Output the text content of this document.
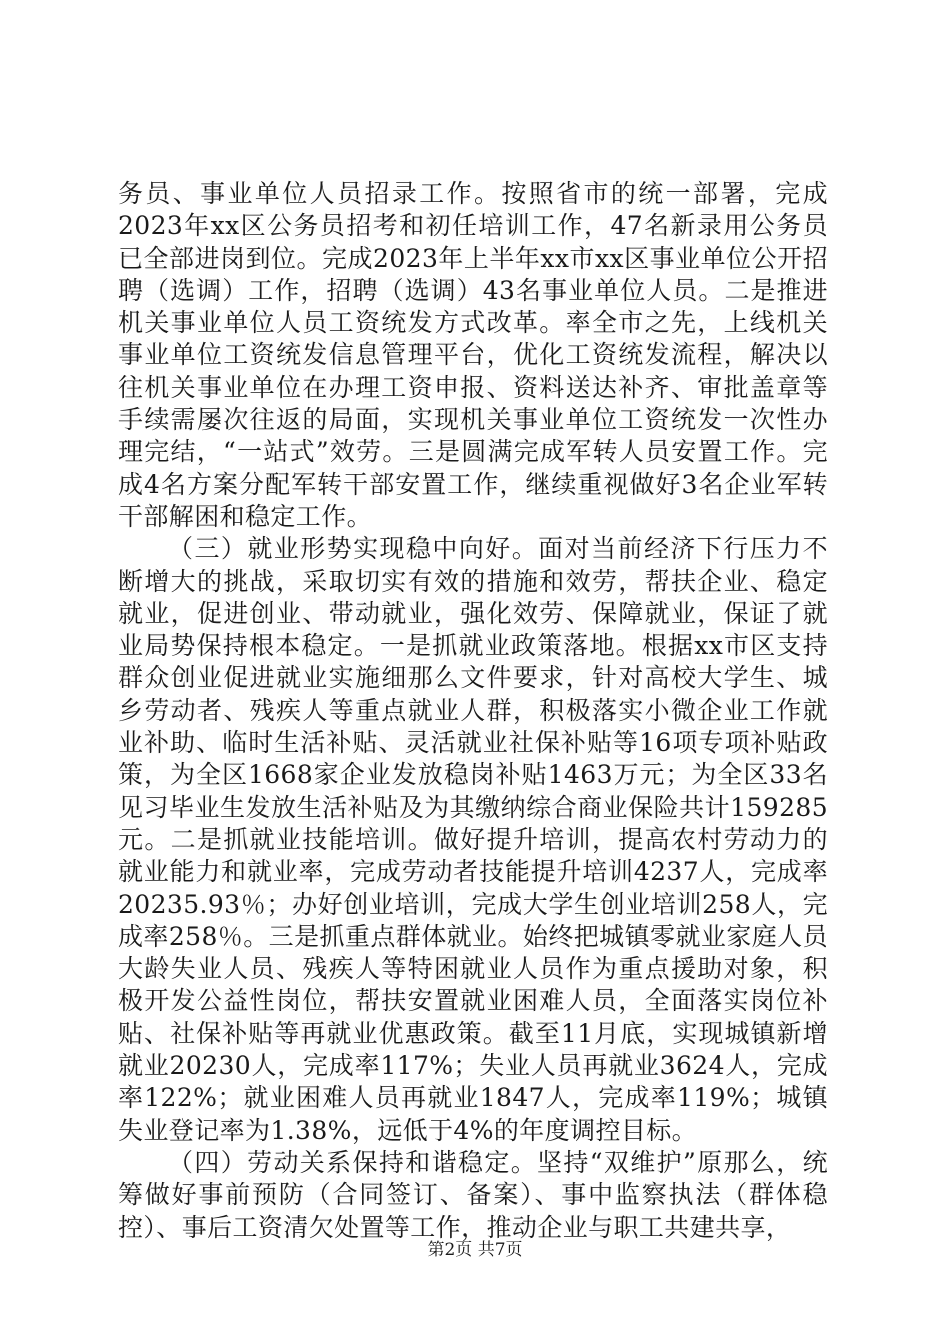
务员、事业单位人员招录工作。按照省市的统一部署，完成2023年xx区公务员招考和初任培训工作，47名新录用公务员已全部进岗到位。完成2023年上半年xx市xx区事业单位公开招聘（选调）工作，招聘（选调）43名事业单位人员。二是推进机关事业单位人员工资统发方式改革。率全市之先，上线机关事业单位工资统发信息管理平台，优化工资统发流程，解决以往机关事业单位在办理工资申报、资料送达补齐、审批盖章等手续需屡次往返的局面，实现机关事业单位工资统发一次性办理完结，“一站式”效劳。三是圆满完成军转人员安置工作。完成4名方案分配军转干部安置工作，继续重视做好3名企业军转干部解困和稳定工作。

（三）就业形势实现稳中向好。面对当前经济下行压力不断增大的挑战，采取切实有效的措施和效劳，帮扶企业、稳定就业，促进创业、带动就业，强化效劳、保障就业，保证了就业局势保持根本稳定。一是抓就业政策落地。根据xx市区支持群众创业促进就业实施细那么文件要求，针对高校大学生、城乡劳动者、残疾人等重点就业人群，积极落实小微企业工作就业补助、临时生活补贴、灵活就业社保补贴等16项专项补贴政策，为全区1668家企业发放稳岗补贴1463万元；为全区33名见习毕业生发放生活补贴及为其缴纳综合商业保险共计159285元。二是抓就业技能培训。做好提升培训，提高农村劳动力的就业能力和就业率，完成劳动者技能提升培训4237人，完成率20235.93％；办好创业培训，完成大学生创业培训258人，完成率258％。三是抓重点群体就业。始终把城镇零就业家庭人员大龄失业人员、残疾人等特困就业人员作为重点援助对象，积极开发公益性岗位，帮扶安置就业困难人员，全面落实岗位补贴、社保补贴等再就业优惠政策。截至11月底，实现城镇新增就业20230人，完成率117%；失业人员再就业3624人，完成率122%；就业困难人员再就业1847人，完成率119%；城镇失业登记率为1.38%，远低于4%的年度调控目标。

（四）劳动关系保持和谐稳定。坚持“双维护”原那么，统筹做好事前预防（合同签订、备案）、事中监察执法（群体稳控）、事后工资清欠处置等工作，推动企业与职工共建共享，

第2页 共7页
